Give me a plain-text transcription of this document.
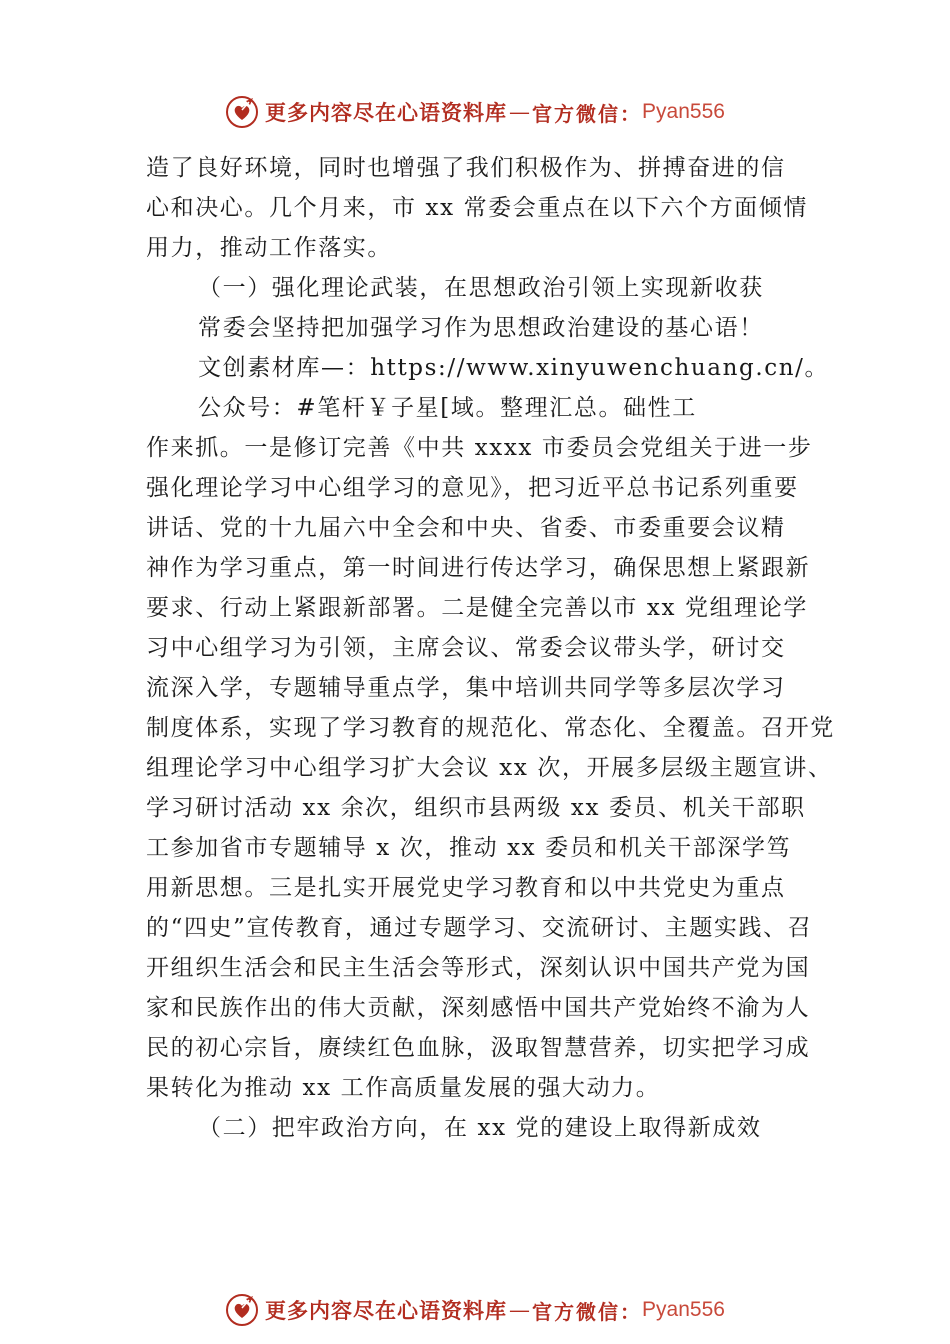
更多内容尽在心语资料库 — 官方微信： Pyan556
造了良好环境，同时也增强了我们积极作为、拼搏奋进的信
心和决心。几个月来，市 xx 常委会重点在以下六个方面倾情
用力，推动工作落实。
（一）强化理论武装，在思想政治引领上实现新收获
常委会坚持把加强学习作为思想政治建设的基心语！
文创素材库—：https://www.xinyuwenchuang.cn/。
公众号：#笔杆￥子星[域。整理汇总。础性工
作来抓。一是修订完善《中共 xxxx 市委员会党组关于进一步
强化理论学习中心组学习的意见》，把习近平总书记系列重要
讲话、党的十九届六中全会和中央、省委、市委重要会议精
神作为学习重点，第一时间进行传达学习，确保思想上紧跟新
要求、行动上紧跟新部署。二是健全完善以市 xx 党组理论学
习中心组学习为引领，主席会议、常委会议带头学，研讨交
流深入学，专题辅导重点学，集中培训共同学等多层次学习
制度体系，实现了学习教育的规范化、常态化、全覆盖。召开党
组理论学习中心组学习扩大会议 xx 次，开展多层级主题宣讲、
学习研讨活动 xx 余次，组织市县两级 xx 委员、机关干部职
工参加省市专题辅导 x 次，推动 xx 委员和机关干部深学笃
用新思想。三是扎实开展党史学习教育和以中共党史为重点
的“四史”宣传教育，通过专题学习、交流研讨、主题实践、召
开组织生活会和民主生活会等形式，深刻认识中国共产党为国
家和民族作出的伟大贡献，深刻感悟中国共产党始终不渝为人
民的初心宗旨，赓续红色血脉，汲取智慧营养，切实把学习成
果转化为推动 xx 工作高质量发展的强大动力。
（二）把牢政治方向，在 xx 党的建设上取得新成效
更多内容尽在心语资料库 — 官方微信： Pyan556
